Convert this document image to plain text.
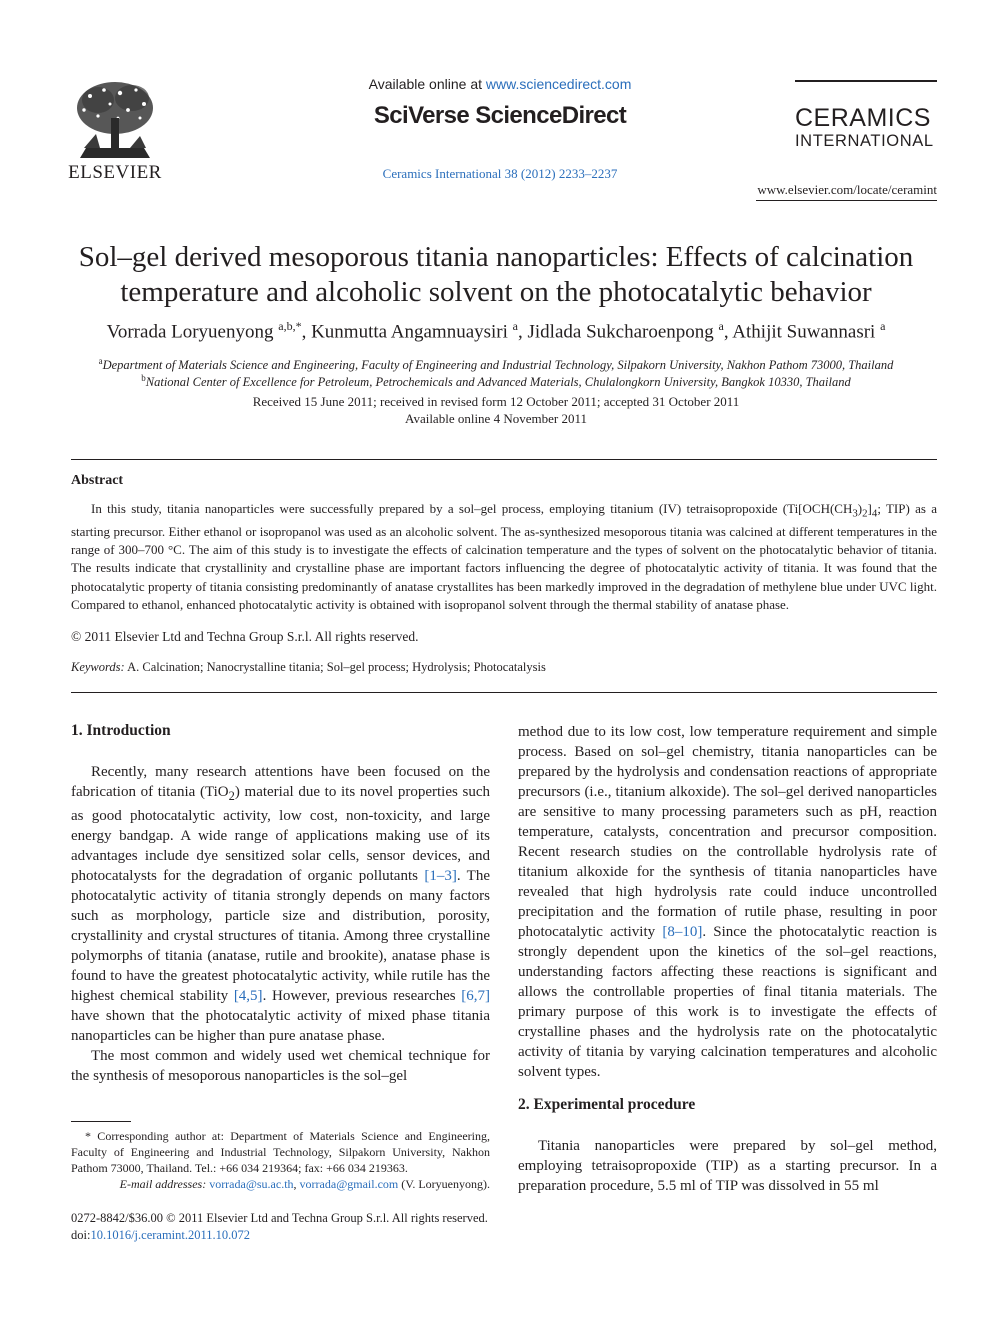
ELSEVIER
Available online at www.sciencedirect.com
SciVerse ScienceDirect
Ceramics International 38 (2012) 2233–2237
CERAMICS
INTERNATIONAL
www.elsevier.com/locate/ceramint
Sol–gel derived mesoporous titania nanoparticles: Effects of calcination
temperature and alcoholic solvent on the photocatalytic behavior
Vorrada Loryuenyong $^{a,b,*}$, Kunmutta Angamnuaysiri $^a$, Jidlada Sukcharoenpong $^a$, Athijit Suwannasri $^a$
$^a$Department of Materials Science and Engineering, Faculty of Engineering and Industrial Technology, Silpakorn University, Nakhon Pathom 73000, Thailand
$^b$National Center of Excellence for Petroleum, Petrochemicals and Advanced Materials, Chulalongkorn University, Bangkok 10330, Thailand
Received 15 June 2011; received in revised form 12 October 2011; accepted 31 October 2011
Available online 4 November 2011
Abstract
In this study, titania nanoparticles were successfully prepared by a sol–gel process, employing titanium (IV) tetraisopropoxide ($Ti[OCH(CH_3)_2]_4$; TIP) as a starting precursor. Either ethanol or isopropanol was used as an alcoholic solvent. The as-synthesized mesoporous titania was calcined at different temperatures in the range of 300–700 °C. The aim of this study is to investigate the effects of calcination temperature and the types of solvent on the photocatalytic behavior of titania. The results indicate that crystallinity and crystalline phase are important factors influencing the degree of photocatalytic activity of titania. It was found that the photocatalytic property of titania consisting predominantly of anatase crystallites has been markedly improved in the degradation of methylene blue under UVC light. Compared to ethanol, enhanced photocatalytic activity is obtained with isopropanol solvent through the thermal stability of anatase phase.
© 2011 Elsevier Ltd and Techna Group S.r.l. All rights reserved.
Keywords: A. Calcination; Nanocrystalline titania; Sol–gel process; Hydrolysis; Photocatalysis
1. Introduction

Recently, many research attentions have been focused on the fabrication of titania (TiO$_2$) material due to its novel properties such as good photocatalytic activity, low cost, non-toxicity, and large energy bandgap. A wide range of applications making use of its advantages include dye sensitized solar cells, sensor devices, and photocatalysts for the degradation of organic pollutants [1–3]. The photocatalytic activity of titania strongly depends on many factors such as morphology, particle size and distribution, porosity, crystallinity and crystal structures of titania. Among three crystalline polymorphs of titania (anatase, rutile and brookite), anatase phase is found to have the greatest photocatalytic activity, while rutile has the highest chemical stability [4,5]. However, previous researches [6,7] have shown that the photocatalytic activity of mixed phase titania nanoparticles can be higher than pure anatase phase.

The most common and widely used wet chemical technique for the synthesis of mesoporous nanoparticles is the sol–gel

method due to its low cost, low temperature requirement and simple process. Based on sol–gel chemistry, titania nanoparticles can be prepared by the hydrolysis and condensation reactions of appropriate precursors (i.e., titanium alkoxide). The sol–gel derived nanoparticles are sensitive to many processing parameters such as pH, reaction temperature, catalysts, concentration and precursor composition. Recent research studies on the controllable hydrolysis rate of titanium alkoxide for the synthesis of titania nanoparticles have revealed that high hydrolysis rate could induce uncontrolled precipitation and the formation of rutile phase, resulting in poor photocatalytic activity [8–10]. Since the photocatalytic reaction is strongly dependent upon the kinetics of the sol–gel reactions, understanding factors affecting these reactions is significant and allows the controllable properties of final titania materials. The primary purpose of this work is to investigate the effects of crystalline phases and the hydrolysis rate on the photocatalytic activity of titania by varying calcination temperatures and alcoholic solvent types.

2. Experimental procedure

Titania nanoparticles were prepared by sol–gel method, employing tetraisopropoxide (TIP) as a starting precursor. In a preparation procedure, 5.5 ml of TIP was dissolved in 55 ml

* Corresponding author at: Department of Materials Science and Engineering, Faculty of Engineering and Industrial Technology, Silpakorn University, Nakhon Pathom 73000, Thailand. Tel.: +66 034 219364; fax: +66 034 219363.
E-mail addresses: vorrada@su.ac.th, vorrada@gmail.com (V. Loryuenyong).
0272-8842/$36.00 © 2011 Elsevier Ltd and Techna Group S.r.l. All rights reserved.
doi:10.1016/j.ceramint.2011.10.072
